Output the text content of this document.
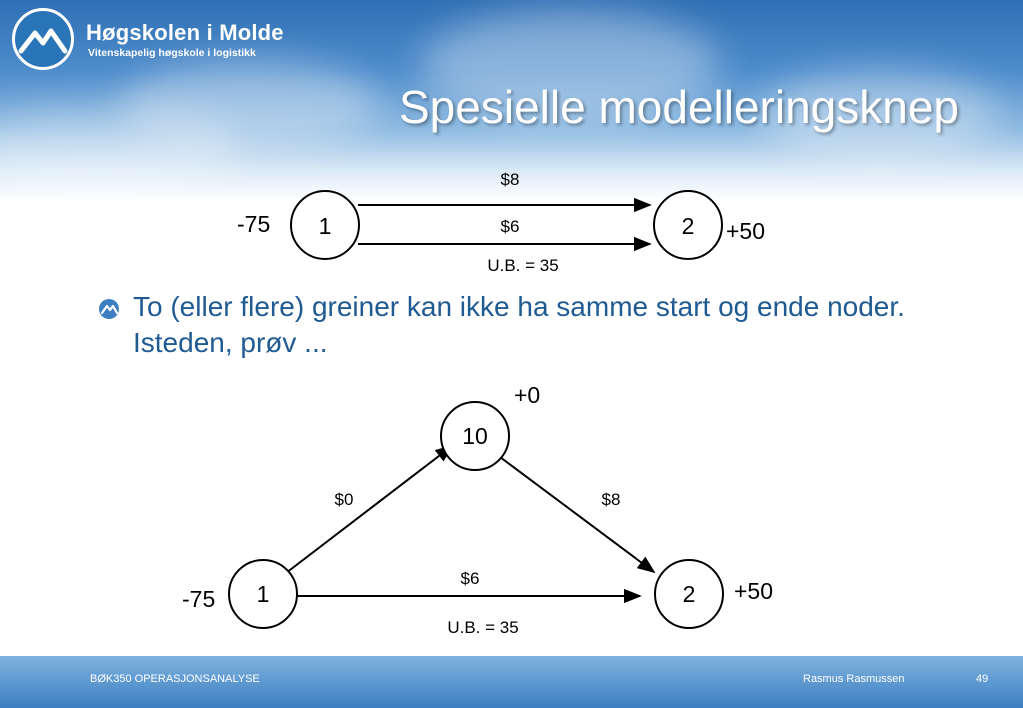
Høgskolen i Molde
Vitenskapelig høgskole i logistikk
Spesielle modelleringsknep
1	2
-75	+50
$8
$6
U.B. = 35
10
1	2
+0
-75	+50
$0	$8
$6
U.B. = 35
To (eller flere) greiner kan ikke ha samme start og ende noder. Isteden, prøv ...
BØK350 OPERASJONSANALYSE	Rasmus Rasmussen	49
